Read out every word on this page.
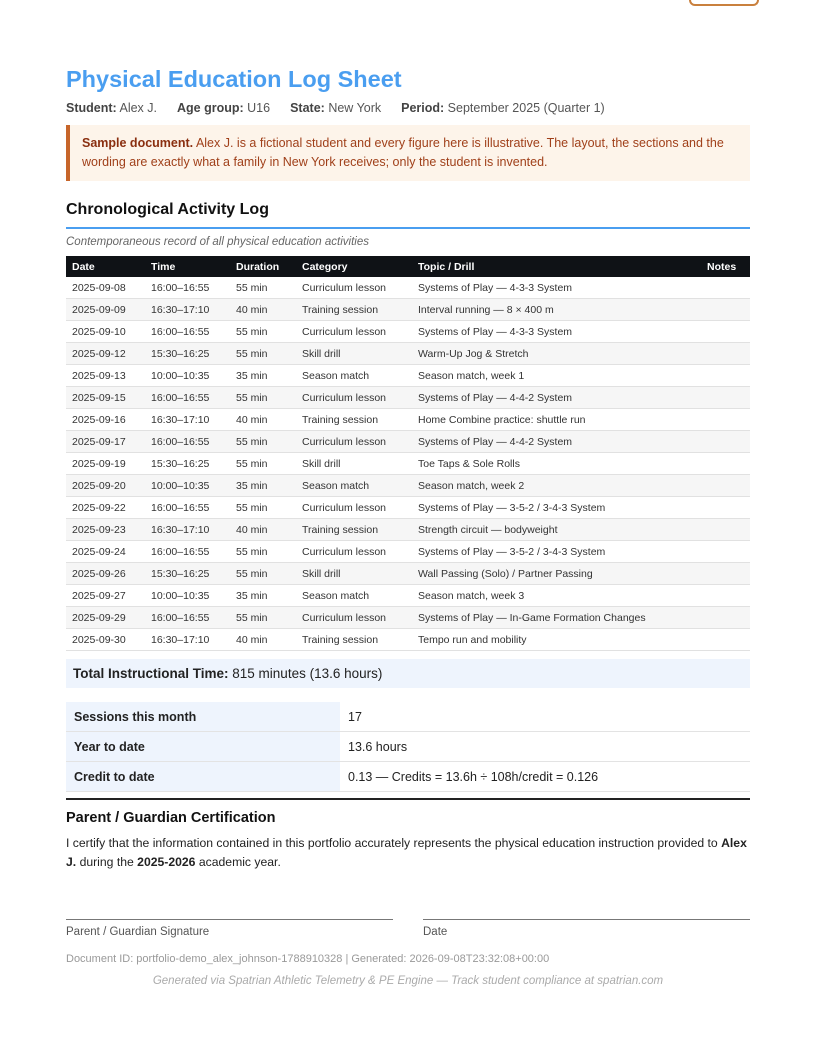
Physical Education Log Sheet
Student: Alex J. Age group: U16 State: New York Period: September 2025 (Quarter 1)
Sample document. Alex J. is a fictional student and every figure here is illustrative. The layout, the sections and the wording are exactly what a family in New York receives; only the student is invented.
Chronological Activity Log
Contemporaneous record of all physical education activities
Date	Time	Duration	Category	Topic / Drill	Notes
2025-09-08	16:00–16:55	55 min	Curriculum lesson	Systems of Play — 4-3-3 System	
2025-09-09	16:30–17:10	40 min	Training session	Interval running — 8 × 400 m	
2025-09-10	16:00–16:55	55 min	Curriculum lesson	Systems of Play — 4-3-3 System	
2025-09-12	15:30–16:25	55 min	Skill drill	Warm-Up Jog & Stretch	
2025-09-13	10:00–10:35	35 min	Season match	Season match, week 1	
2025-09-15	16:00–16:55	55 min	Curriculum lesson	Systems of Play — 4-4-2 System	
2025-09-16	16:30–17:10	40 min	Training session	Home Combine practice: shuttle run	
2025-09-17	16:00–16:55	55 min	Curriculum lesson	Systems of Play — 4-4-2 System	
2025-09-19	15:30–16:25	55 min	Skill drill	Toe Taps & Sole Rolls	
2025-09-20	10:00–10:35	35 min	Season match	Season match, week 2	
2025-09-22	16:00–16:55	55 min	Curriculum lesson	Systems of Play — 3-5-2 / 3-4-3 System	
2025-09-23	16:30–17:10	40 min	Training session	Strength circuit — bodyweight	
2025-09-24	16:00–16:55	55 min	Curriculum lesson	Systems of Play — 3-5-2 / 3-4-3 System	
2025-09-26	15:30–16:25	55 min	Skill drill	Wall Passing (Solo) / Partner Passing	
2025-09-27	10:00–10:35	35 min	Season match	Season match, week 3	
2025-09-29	16:00–16:55	55 min	Curriculum lesson	Systems of Play — In-Game Formation Changes	
2025-09-30	16:30–17:10	40 min	Training session	Tempo run and mobility	
Total Instructional Time: 815 minutes (13.6 hours)
Sessions this month	17
Year to date	13.6 hours
Credit to date	0.13 — Credits = 13.6h ÷ 108h/credit = 0.126
Parent / Guardian Certification
I certify that the information contained in this portfolio accurately represents the physical education instruction provided to Alex J. during the 2025-2026 academic year.
Parent / Guardian Signature	Date
Document ID: portfolio-demo_alex_johnson-1788910328 | Generated: 2026-09-08T23:32:08+00:00
Generated via Spatrian Athletic Telemetry & PE Engine — Track student compliance at spatrian.com
